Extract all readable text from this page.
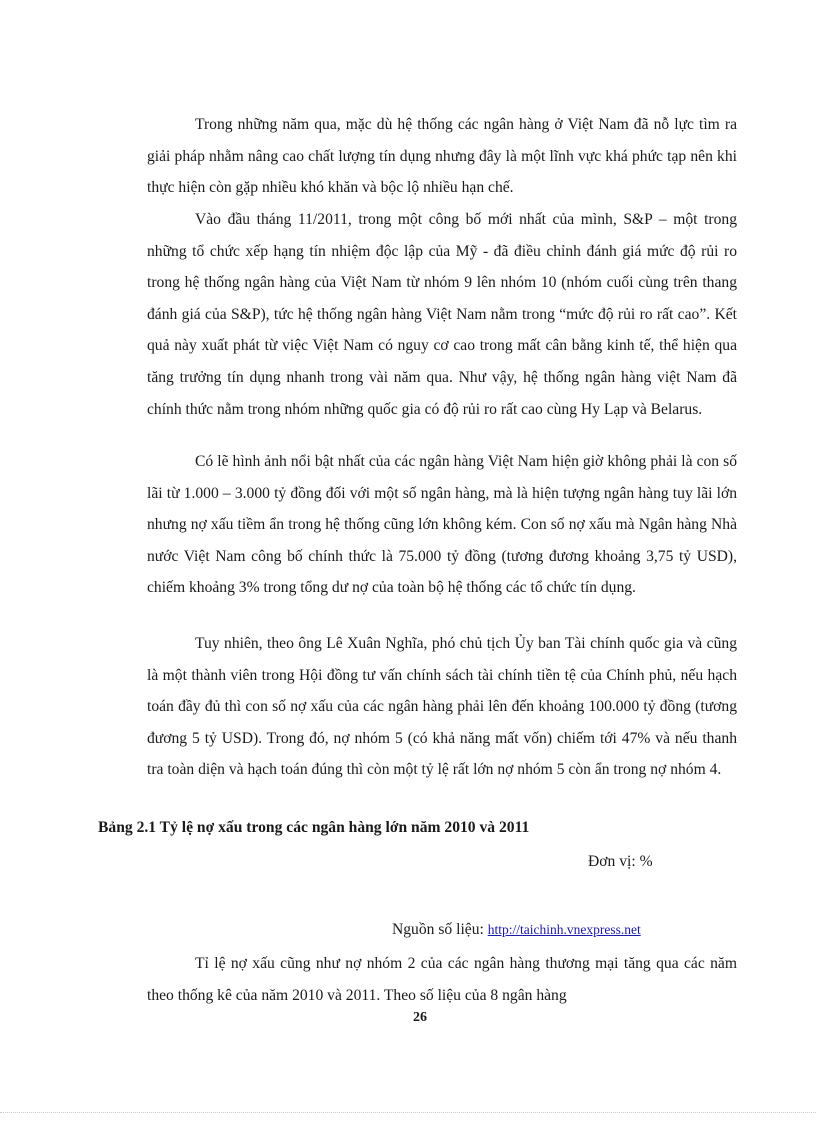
Trong những năm qua, mặc dù hệ thống các ngân hàng ở Việt Nam đã nỗ lực tìm ra giải pháp nhằm nâng cao chất lượng tín dụng nhưng đây là một lĩnh vực khá phức tạp nên khi thực hiện còn gặp nhiều khó khăn và bộc lộ nhiều hạn chế.

Vào đầu tháng 11/2011, trong một công bố mới nhất của mình, S&P – một trong những tổ chức xếp hạng tín nhiệm độc lập của Mỹ - đã điều chỉnh đánh giá mức độ rủi ro trong hệ thống ngân hàng của Việt Nam từ nhóm 9 lên nhóm 10 (nhóm cuối cùng trên thang đánh giá của S&P), tức hệ thống ngân hàng Việt Nam nằm trong “mức độ rủi ro rất cao”. Kết quả này xuất phát từ việc Việt Nam có nguy cơ cao trong mất cân bằng kinh tế, thể hiện qua tăng trưởng tín dụng nhanh trong vài năm qua. Như vậy, hệ thống ngân hàng việt Nam đã chính thức nằm trong nhóm những quốc gia có độ rủi ro rất cao cùng Hy Lạp và Belarus.

Có lẽ hình ảnh nổi bật nhất của các ngân hàng Việt Nam hiện giờ không phải là con số lãi từ 1.000 – 3.000 tỷ đồng đối với một số ngân hàng, mà là hiện tượng ngân hàng tuy lãi lớn nhưng nợ xấu tiềm ẩn trong hệ thống cũng lớn không kém. Con số nợ xấu mà Ngân hàng Nhà nước Việt Nam công bố chính thức là 75.000 tỷ đồng (tương đương khoảng 3,75 tỷ USD), chiếm khoảng 3% trong tổng dư nợ của toàn bộ hệ thống các tổ chức tín dụng.

Tuy nhiên, theo ông Lê Xuân Nghĩa, phó chủ tịch Ủy ban Tài chính quốc gia và cũng là một thành viên trong Hội đồng tư vấn chính sách tài chính tiền tệ của Chính phủ, nếu hạch toán đầy đủ thì con số nợ xấu của các ngân hàng phải lên đến khoảng 100.000 tỷ đồng (tương đương 5 tỷ USD). Trong đó, nợ nhóm 5 (có khả năng mất vốn) chiếm tới 47% và nếu thanh tra toàn diện và hạch toán đúng thì còn một tỷ lệ rất lớn nợ nhóm 5 còn ẩn trong nợ nhóm 4.

Bảng 2.1 Tỷ lệ nợ xấu trong các ngân hàng lớn năm 2010 và 2011

Đơn vị: %
Nguồn số liệu: http://taichinh.vnexpress.net

Tỉ lệ nợ xấu cũng như nợ nhóm 2 của các ngân hàng thương mại tăng qua các năm theo thống kê của năm 2010 và 2011. Theo số liệu của 8 ngân hàng

26
